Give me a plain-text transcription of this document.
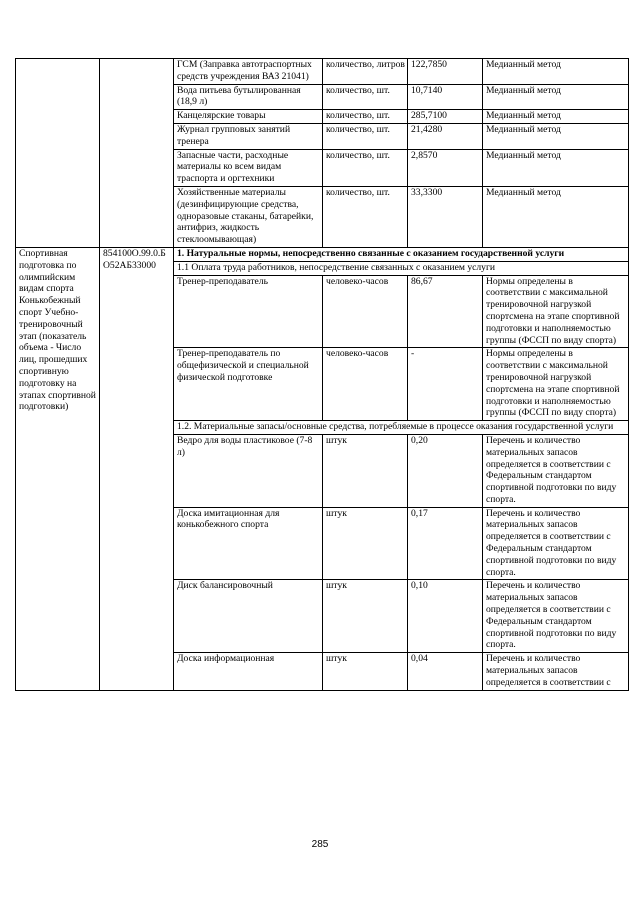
		ГСМ (Заправка автотраспортных средств учреждения ВАЗ 21041)	количество, литров	122,7850	Медианный метод
		Вода питьева бутылированная (18,9 л)	количество, шт.	10,7140	Медианный метод
		Канцелярские товары	количество, шт.	285,7100	Медианный метод
		Журнал групповых занятий тренера	количество, шт.	21,4280	Медианный метод
		Запасные части, расходные материалы ко всем видам траспорта и оргтехники	количество, шт.	2,8570	Медианный метод
		Хозяйственные материалы (дезинфицирующие средства, одноразовые стаканы, батарейки, антифриз, жидкость стеклоомывающая)	количество, шт.	33,3300	Медианный метод
Спортивная подготовка по олимпийским видам спорта Конькобежный спорт Учебно-тренировочный этап (показатель объема - Число лиц, прошедших спортивную подготовку на этапах спортивной подготовки)	854100О.99.0.БО52АБ33000	1. Натуральные нормы, непосредственно связанные с оказанием государственной услуги			
		1.1 Оплата труда работников, непосредствение связанных с оказанием услуги			
		Тренер-преподаватель	человеко-часов	86,67	Нормы определены в соответствии с максимальной тренировочной нагрузкой спортсмена на этапе спортивной подготовки и наполняемостью группы (ФССП по виду спорта)
		Тренер-преподаватель по общефизической и специальной физической подготовке	человеко-часов	-	Нормы определены в соответствии с максимальной тренировочной нагрузкой спортсмена на этапе спортивной подготовки и наполняемостью группы (ФССП по виду спорта)
		1.2. Материальные запасы/основные средства, потребляемые в процессе оказания государственной услуги			
		Ведро для воды пластиковое (7-8 л)	штук	0,20	Перечень и количество материальных запасов определяется в соответствии с Федеральным стандартом спортивной подготовки по виду спорта.
		Доска имитационная для конькобежного спорта	штук	0,17	Перечень и количество материальных запасов определяется в соответствии с Федеральным стандартом спортивной подготовки по виду спорта.
		Диск балансировочный	штук	0,10	Перечень и количество материальных запасов определяется в соответствии с Федеральным стандартом спортивной подготовки по виду спорта.
		Доска информационная	штук	0,04	Перечень и количество материальных запасов определяется в соответствии с
285
